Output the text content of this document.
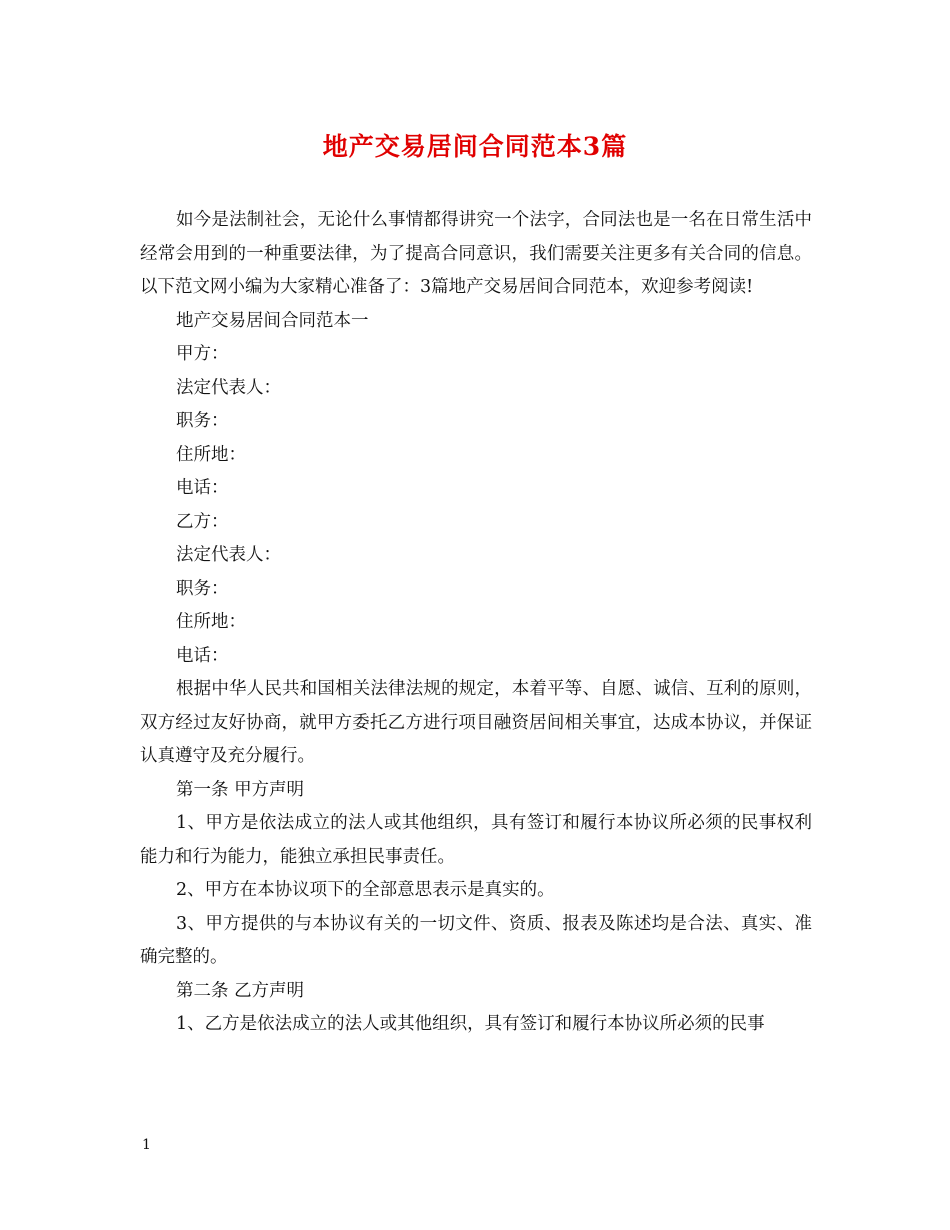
地产交易居间合同范本3篇

如今是法制社会，无论什么事情都得讲究一个法字，合同法也是一名在日常生活中经常会用到的一种重要法律，为了提高合同意识，我们需要关注更多有关合同的信息。以下范文网小编为大家精心准备了：3篇地产交易居间合同范本，欢迎参考阅读!

地产交易居间合同范本一

甲方：

法定代表人：

职务：

住所地：

电话：

乙方：

法定代表人：

职务：

住所地：

电话：

根据中华人民共和国相关法律法规的规定，本着平等、自愿、诚信、互利的原则，双方经过友好协商，就甲方委托乙方进行项目融资居间相关事宜，达成本协议，并保证认真遵守及充分履行。

第一条 甲方声明

1、甲方是依法成立的法人或其他组织，具有签订和履行本协议所必须的民事权利能力和行为能力，能独立承担民事责任。

2、甲方在本协议项下的全部意思表示是真实的。

3、甲方提供的与本协议有关的一切文件、资质、报表及陈述均是合法、真实、准确完整的。

第二条 乙方声明

1、乙方是依法成立的法人或其他组织，具有签订和履行本协议所必须的民事

1
